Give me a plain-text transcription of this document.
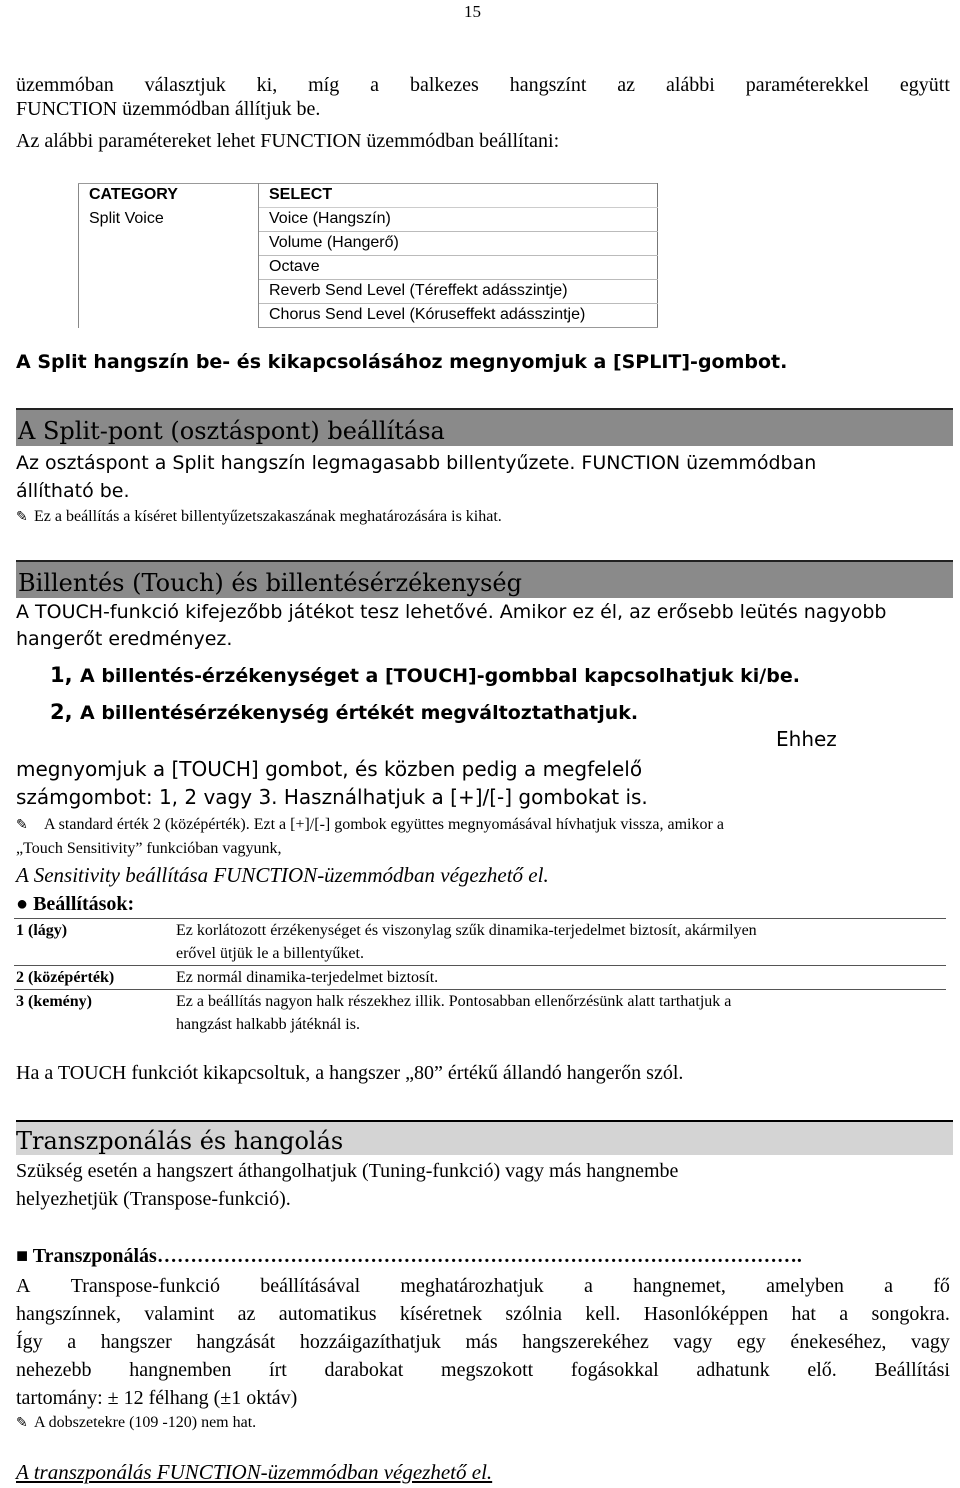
15
üzemmóban választjuk ki, míg a balkezes hangszínt az alábbi paraméterekkel együtt
FUNCTION üzemmódban állítjuk be.
Az alábbi paramétereket lehet FUNCTION üzemmódban beállítani:
CATEGORY	SELECT
Split Voice	Voice (Hangszín)
	Volume (Hangerő)
	Octave
	Reverb Send Level (Téreffekt adásszintje)
	Chorus Send Level (Kóruseffekt adásszintje)
A Split hangszín be- és kikapcsolásához megnyomjuk a [SPLIT]-gombot.
A Split-pont (osztáspont) beállítása
Az osztáspont a Split hangszín legmagasabb billentyűzete. FUNCTION üzemmódban
állítható be.
✎ Ez a beállítás a kíséret billentyűzetszakaszának meghatározására is kihat.
Billentés (Touch) és billentésérzékenység
A TOUCH-funkció kifejezőbb játékot tesz lehetővé. Amikor ez él, az erősebb leütés nagyobb
hangerőt eredményez.
1, A billentés-érzékenységet a [TOUCH]-gombbal kapcsolhatjuk ki/be.
2, A billentésérzékenység értékét megváltoztathatjuk.
Ehhez
megnyomjuk a [TOUCH] gombot, és közben pedig a megfelelő
számgombot: 1, 2 vagy 3. Használhatjuk a [+]/[-] gombokat is.
✎ A standard érték 2 (középérték). Ezt a [+]/[-] gombok együttes megnyomásával hívhatjuk vissza, amikor a
„Touch Sensitivity” funkcióban vagyunk,
A Sensitivity beállítása FUNCTION-üzemmódban végezhető el.
● Beállítások:
1 (lágy)	Ez korlátozott érzékenységet és viszonylag szűk dinamika-terjedelmet biztosít, akármilyen
erővel ütjük le a billentyűket.
2 (középérték)	Ez normál dinamika-terjedelmet biztosít.
3 (kemény)	Ez a beállítás nagyon halk részekhez illik. Pontosabban ellenőrzésünk alatt tarthatjuk a
hangzást halkabb játéknál is.
Ha a TOUCH funkciót kikapcsoltuk, a hangszer „80” értékű állandó hangerőn szól.
Transzponálás és hangolás
Szükség esetén a hangszert áthangolhatjuk (Tuning-funkció) vagy más hangnembe
helyezhetjük (Transpose-funkció).
■ Transzponálás…………………………………………………………………………………….
A Transpose-funkció beállításával meghatározhatjuk a hangnemet, amelyben a fő
hangszínnek, valamint az automatikus kíséretnek szólnia kell. Hasonlóképpen hat a songokra.
Így a hangszer hangzását hozzáigazíthatjuk más hangszerekéhez vagy egy énekeséhez, vagy
nehezebb hangnemben írt darabokat megszokott fogásokkal adhatunk elő. Beállítási
tartomány: ± 12 félhang (±1 oktáv)
✎ A dobszetekre (109 -120) nem hat.
A transzponálás FUNCTION-üzemmódban végezhető el.
